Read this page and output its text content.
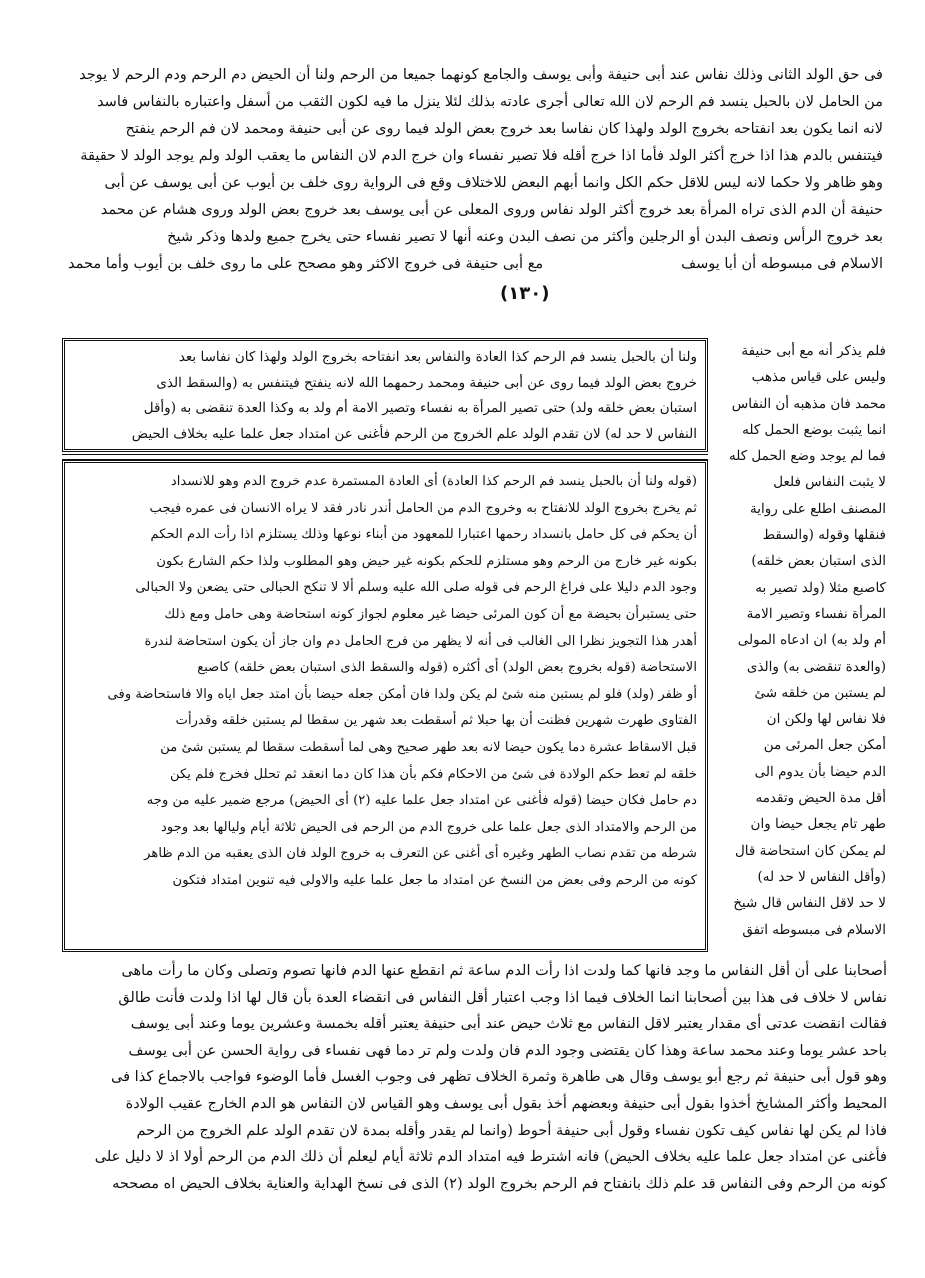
فى حق الولد الثانى وذلك نفاس عند أبى حنيفة وأبى يوسف والجامع كونهما جميعا من الرحم ولنا أن الحيض دم الرحم ودم الرحم لا يوجد
من الحامل لان بالحبل ينسد فم الرحم لان الله تعالى أجرى عادته بذلك لئلا ينزل ما فيه لكون الثقب من أسفل واعتباره بالنفاس فاسد
لانه انما يكون بعد انفتاحه بخروج الولد ولهذا كان نفاسا بعد خروج بعض الولد فيما روى عن أبى حنيفة ومحمد لان فم الرحم ينفتح
فيتنفس بالدم هذا اذا خرج أكثر الولد فأما اذا خرج أقله فلا تصير نفساء وان خرج الدم لان النفاس ما يعقب الولد ولم يوجد الولد لا حقيقة
وهو ظاهر ولا حكما لانه ليس للاقل حكم الكل وانما أبهم البعض للاختلاف وقع فى الرواية روى خلف بن أيوب عن أبى يوسف عن أبى
حنيفة أن الدم الذى تراه المرأة بعد خروج أكثر الولد نفاس وروى المعلى عن أبى يوسف بعد خروج بعض الولد وروى هشام عن محمد
بعد خروج الرأس ونصف البدن أو الرجلين وأكثر من نصف البدن وعنه أنها لا تصير نفساء حتى يخرج جميع ولدها وذكر شيخ
الاسلام فى مبسوطه أن أبا يوسف
مع أبى حنيفة فى خروج الاكثر وهو مصحح على ما روى خلف بن أيوب وأما محمد
(١٣٠)
فلم يذكر أنه مع أبى حنيفة
وليس على قياس مذهب
محمد فان مذهبه أن النفاس
انما يثبت بوضع الحمل كله
فما لم يوجد وضع الحمل كله
لا يثبت النفاس فلعل
المصنف اطلع على رواية
فنقلها وقوله (والسقط
الذى استبان بعض خلقه)
كاصبع مثلا (ولد تصير به
المرأة نفساء وتصير الامة
أم ولد به) ان ادعاه المولى
(والعدة تنقضى به) والذى
لم يستبن من خلقه شئ
فلا نفاس لها ولكن ان
أمكن جعل المرئى من
الدم حيضا بأن يدوم الى
أقل مدة الحيض وتقدمه
طهر تام يجعل حيضا وان
لم يمكن كان استحاضة قال
(وأقل النفاس لا حد له)
لا حد لاقل النفاس قال شيخ
الاسلام فى مبسوطه اتفق
ولنا أن بالحبل ينسد فم الرحم كذا العادة والنفاس بعد انفتاحه بخروج الولد ولهذا كان نفاسا بعد
خروج بعض الولد فيما روى عن أبى حنيفة ومحمد رحمهما الله لانه ينفتح فيتنفس به (والسقط الذى
استبان بعض خلقه ولد) حتى تصير المرأة به نفساء وتصير الامة أم ولد به وكذا العدة تنقضى به (وأقل
النفاس لا حد له) لان تقدم الولد علم الخروج من الرحم فأغنى عن امتداد جعل علما عليه بخلاف الحيض
(قوله ولنا أن بالحبل ينسد فم الرحم كذا العادة) أى العادة المستمرة عدم خروج الدم وهو للانسداد
ثم يخرج بخروج الولد للانفتاح به وخروج الدم من الحامل أندر نادر فقد لا يراه الانسان فى عمره فيجب
أن يحكم فى كل حامل بانسداد رحمها اعتبارا للمعهود من أبناء نوعها وذلك يستلزم اذا رأت الدم الحكم
بكونه غير خارج من الرحم وهو مستلزم للحكم بكونه غير حيض وهو المطلوب ولذا حكم الشارع بكون
وجود الدم دليلا على فراغ الرحم فى قوله صلى الله عليه وسلم ألا لا تنكح الحبالى حتى يضعن ولا الحبالى
حتى يستبرأن بحيضة مع أن كون المرئى حيضا غير معلوم لجواز كونه استحاضة وهى حامل ومع ذلك
أهدر هذا التجويز نظرا الى الغالب فى أنه لا يظهر من فرج الحامل دم وان جاز أن يكون استحاضة لندرة
الاستحاضة (قوله بخروج بعض الولد) أى أكثره (قوله والسقط الذى استبان بعض خلقه) كاصبع
أو ظفر (ولد) فلو لم يستبن منه شئ لم يكن ولدا فان أمكن جعله حيضا بأن امتد جعل اياه والا فاستحاضة وفى
الفتاوى طهرت شهرين فظنت أن بها حبلا ثم أسقطت بعد شهر ين سقطا لم يستبن خلقه وقدرأت
قبل الاسقاط عشرة دما يكون حيضا لانه بعد طهر صحيح وهى لما أسقطت سقطا لم يستبن شئ من
خلقه لم تعط حكم الولادة فى شئ من الاحكام فكم بأن هذا كان دما انعقد ثم تحلل فخرج فلم يكن
دم حامل فكان حيضا (قوله فأغنى عن امتداد جعل علما عليه (٢) أى الحيض) مرجع ضمير عليه من وجه
من الرحم والامتداد الذى جعل علما على خروج الدم من الرحم فى الحيض ثلاثة أيام وليالها بعد وجود
شرطه من تقدم نصاب الطهر وغيره أى أغنى عن التعرف به خروج الولد فان الذى يعقبه من الدم ظاهر
كونه من الرحم وفى بعض من النسخ عن امتداد ما جعل علما عليه والاولى فيه تنوين امتداد فتكون
أصحابنا على أن أقل النفاس ما وجد فانها كما ولدت اذا رأت الدم ساعة ثم انقطع عنها الدم فانها تصوم وتصلى وكان ما رأت ماهى
نفاس لا خلاف فى هذا بين أصحابنا انما الخلاف فيما اذا وجب اعتبار أقل النفاس فى انقضاء العدة بأن قال لها اذا ولدت فأنت طالق
فقالت انقضت عدتى أى مقدار يعتبر لاقل النفاس مع ثلاث حيض عند أبى حنيفة يعتبر أقله بخمسة وعشرين يوما وعند أبى يوسف
باحد عشر يوما وعند محمد ساعة وهذا كان يقتضى وجود الدم فان ولدت ولم تر دما فهى نفساء فى رواية الحسن عن أبى يوسف
وهو قول أبى حنيفة ثم رجع أبو يوسف وقال هى طاهرة وثمرة الخلاف تظهر فى وجوب الغسل فأما الوضوء فواجب بالاجماع كذا فى
المحيط وأكثر المشايخ أخذوا بقول أبى حنيفة وبعضهم أخذ بقول أبى يوسف وهو القياس لان النفاس هو الدم الخارج عقيب الولادة
فاذا لم يكن لها نفاس كيف تكون نفساء وقول أبى حنيفة أحوط (وانما لم يقدر وأقله بمدة لان تقدم الولد علم الخروج من الرحم
فأغنى عن امتداد جعل علما عليه بخلاف الحيض) فانه اشترط فيه امتداد الدم ثلاثة أيام ليعلم أن ذلك الدم من الرحم أولا اذ لا دليل على
كونه من الرحم وفى النفاس قد علم ذلك بانفتاح فم الرحم بخروج الولد (٢) الذى فى نسخ الهداية والعناية بخلاف الحيض اه مصححه
